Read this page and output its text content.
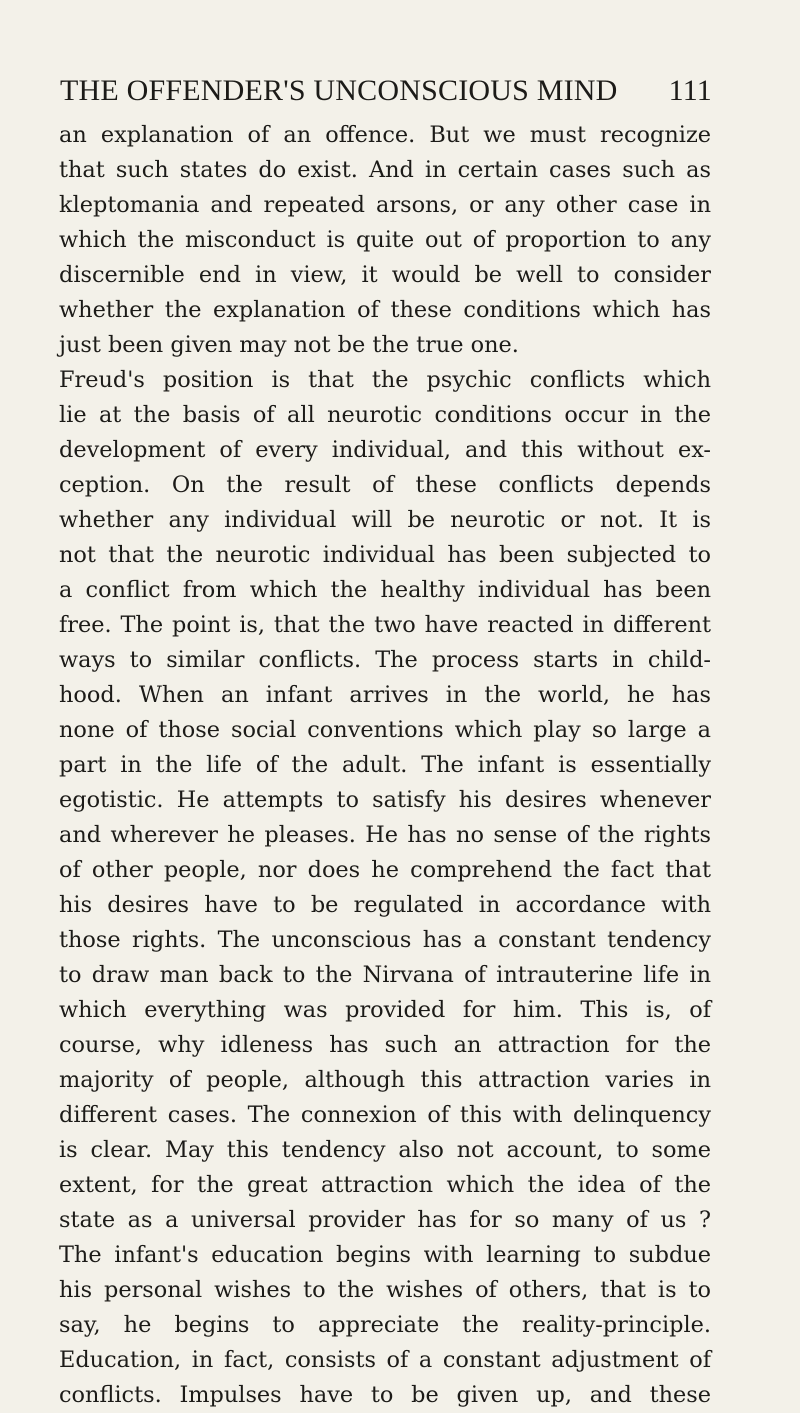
THE OFFENDER'S UNCONSCIOUS MIND 111
an explanation of an offence. But we must recognize
that such states do exist. And in certain cases such as
kleptomania and repeated arsons, or any other case in
which the misconduct is quite out of proportion to any
discernible end in view, it would be well to consider
whether the explanation of these conditions which has
just been given may not be the true one.
Freud's position is that the psychic conflicts which
lie at the basis of all neurotic conditions occur in the
development of every individual, and this without ex-
ception. On the result of these conflicts depends
whether any individual will be neurotic or not. It is
not that the neurotic individual has been subjected to
a conflict from which the healthy individual has been
free. The point is, that the two have reacted in different
ways to similar conflicts. The process starts in child-
hood. When an infant arrives in the world, he has
none of those social conventions which play so large a
part in the life of the adult. The infant is essentially
egotistic. He attempts to satisfy his desires whenever
and wherever he pleases. He has no sense of the rights
of other people, nor does he comprehend the fact that
his desires have to be regulated in accordance with
those rights. The unconscious has a constant tendency
to draw man back to the Nirvana of intrauterine life in
which everything was provided for him. This is, of
course, why idleness has such an attraction for the
majority of people, although this attraction varies in
different cases. The connexion of this with delinquency
is clear. May this tendency also not account, to some
extent, for the great attraction which the idea of the
state as a universal provider has for so many of us ?
The infant's education begins with learning to subdue
his personal wishes to the wishes of others, that is to
say, he begins to appreciate the reality-principle.
Education, in fact, consists of a constant adjustment of
conflicts. Impulses have to be given up, and these
